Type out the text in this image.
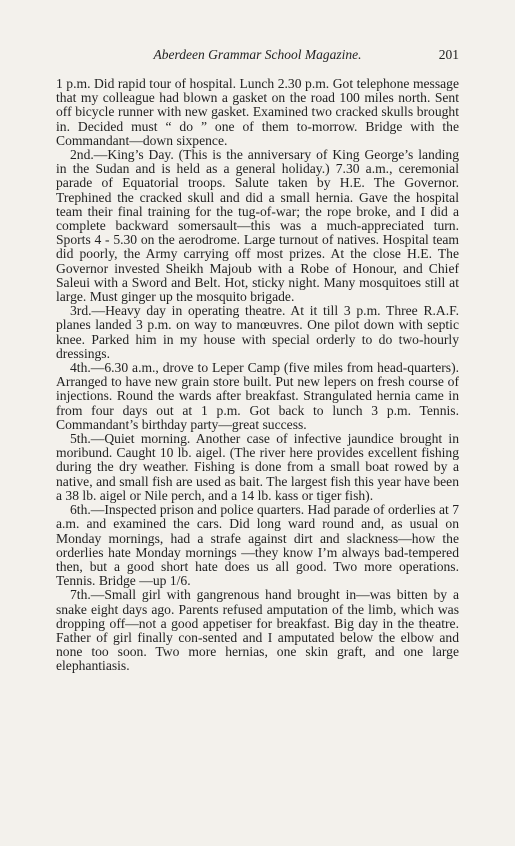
Aberdeen Grammar School Magazine.	201

1 p.m. Did rapid tour of hospital. Lunch 2.30 p.m. Got telephone message that my colleague had blown a gasket on the road 100 miles north. Sent off bicycle runner with new gasket. Examined two cracked skulls brought in. Decided must “ do ” one of them to-morrow. Bridge with the Commandant—down sixpence.

2nd.—King’s Day. (This is the anniversary of King George’s landing in the Sudan and is held as a general holiday.) 7.30 a.m., ceremonial parade of Equatorial troops. Salute taken by H.E. The Governor. Trephined the cracked skull and did a small hernia. Gave the hospital team their final training for the tug-of-war; the rope broke, and I did a complete backward somersault—this was a much-appreciated turn. Sports 4 - 5.30 on the aerodrome. Large turnout of natives. Hospital team did poorly, the Army carrying off most prizes. At the close H.E. The Governor invested Sheikh Majoub with a Robe of Honour, and Chief Saleui with a Sword and Belt. Hot, sticky night. Many mosquitoes still at large. Must ginger up the mosquito brigade.

3rd.—Heavy day in operating theatre. At it till 3 p.m. Three R.A.F. planes landed 3 p.m. on way to manœuvres. One pilot down with septic knee. Parked him in my house with special orderly to do two-hourly dressings.

4th.—6.30 a.m., drove to Leper Camp (five miles from head-quarters). Arranged to have new grain store built. Put new lepers on fresh course of injections. Round the wards after breakfast. Strangulated hernia came in from four days out at 1 p.m. Got back to lunch 3 p.m. Tennis. Commandant’s birthday party—great success.

5th.—Quiet morning. Another case of infective jaundice brought in moribund. Caught 10 lb. aigel. (The river here provides excellent fishing during the dry weather. Fishing is done from a small boat rowed by a native, and small fish are used as bait. The largest fish this year have been a 38 lb. aigel or Nile perch, and a 14 lb. kass or tiger fish).

6th.—Inspected prison and police quarters. Had parade of orderlies at 7 a.m. and examined the cars. Did long ward round and, as usual on Monday mornings, had a strafe against dirt and slackness—how the orderlies hate Monday mornings —they know I’m always bad-tempered then, but a good short hate does us all good. Two more operations. Tennis. Bridge —up 1/6.

7th.—Small girl with gangrenous hand brought in—was bitten by a snake eight days ago. Parents refused amputation of the limb, which was dropping off—not a good appetiser for breakfast. Big day in the theatre. Father of girl finally con-sented and I amputated below the elbow and none too soon. Two more hernias, one skin graft, and one large elephantiasis.
